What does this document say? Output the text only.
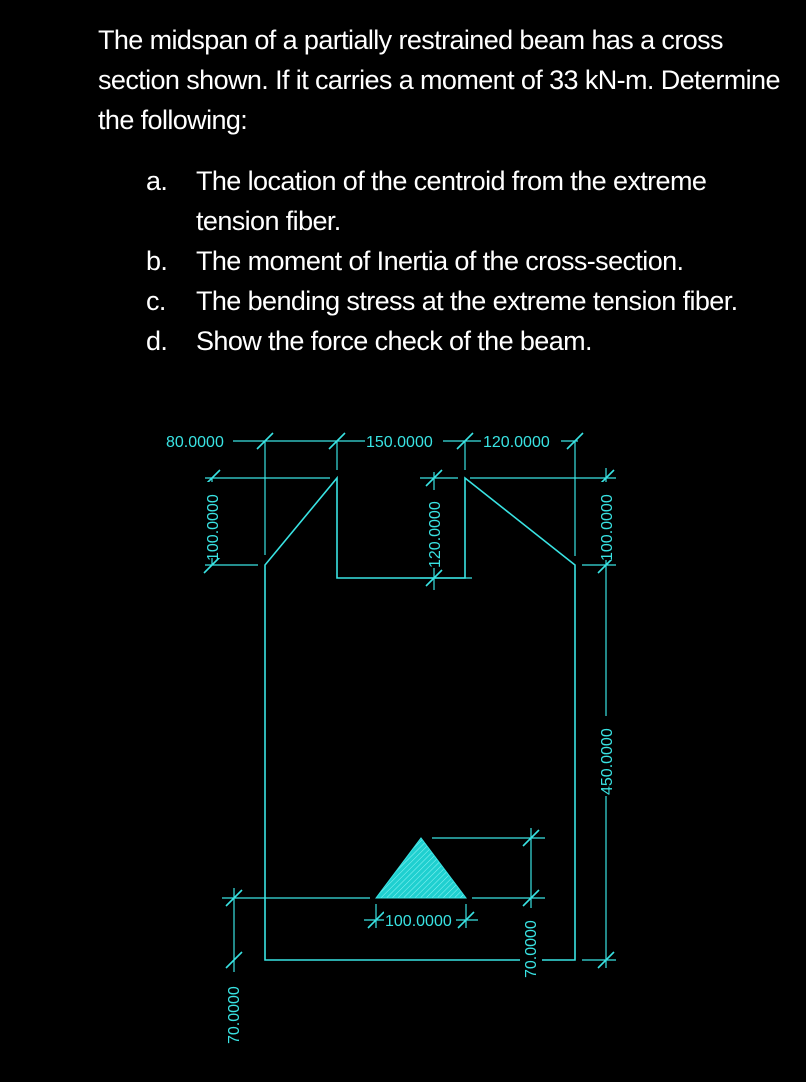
The midspan of a partially restrained beam has a cross section shown. If it carries a moment of 33 kN-m. Determine the following:

a.	The location of the centroid from the extreme tension fiber.
b.	The moment of Inertia of the cross-section.
c.	The bending stress at the extreme tension fiber.
d.	Show the force check of the beam.
80.0000	150.0000	120.0000
100.0000	120.0000	100.0000
450.0000
100.0000	70.0000
70.0000
